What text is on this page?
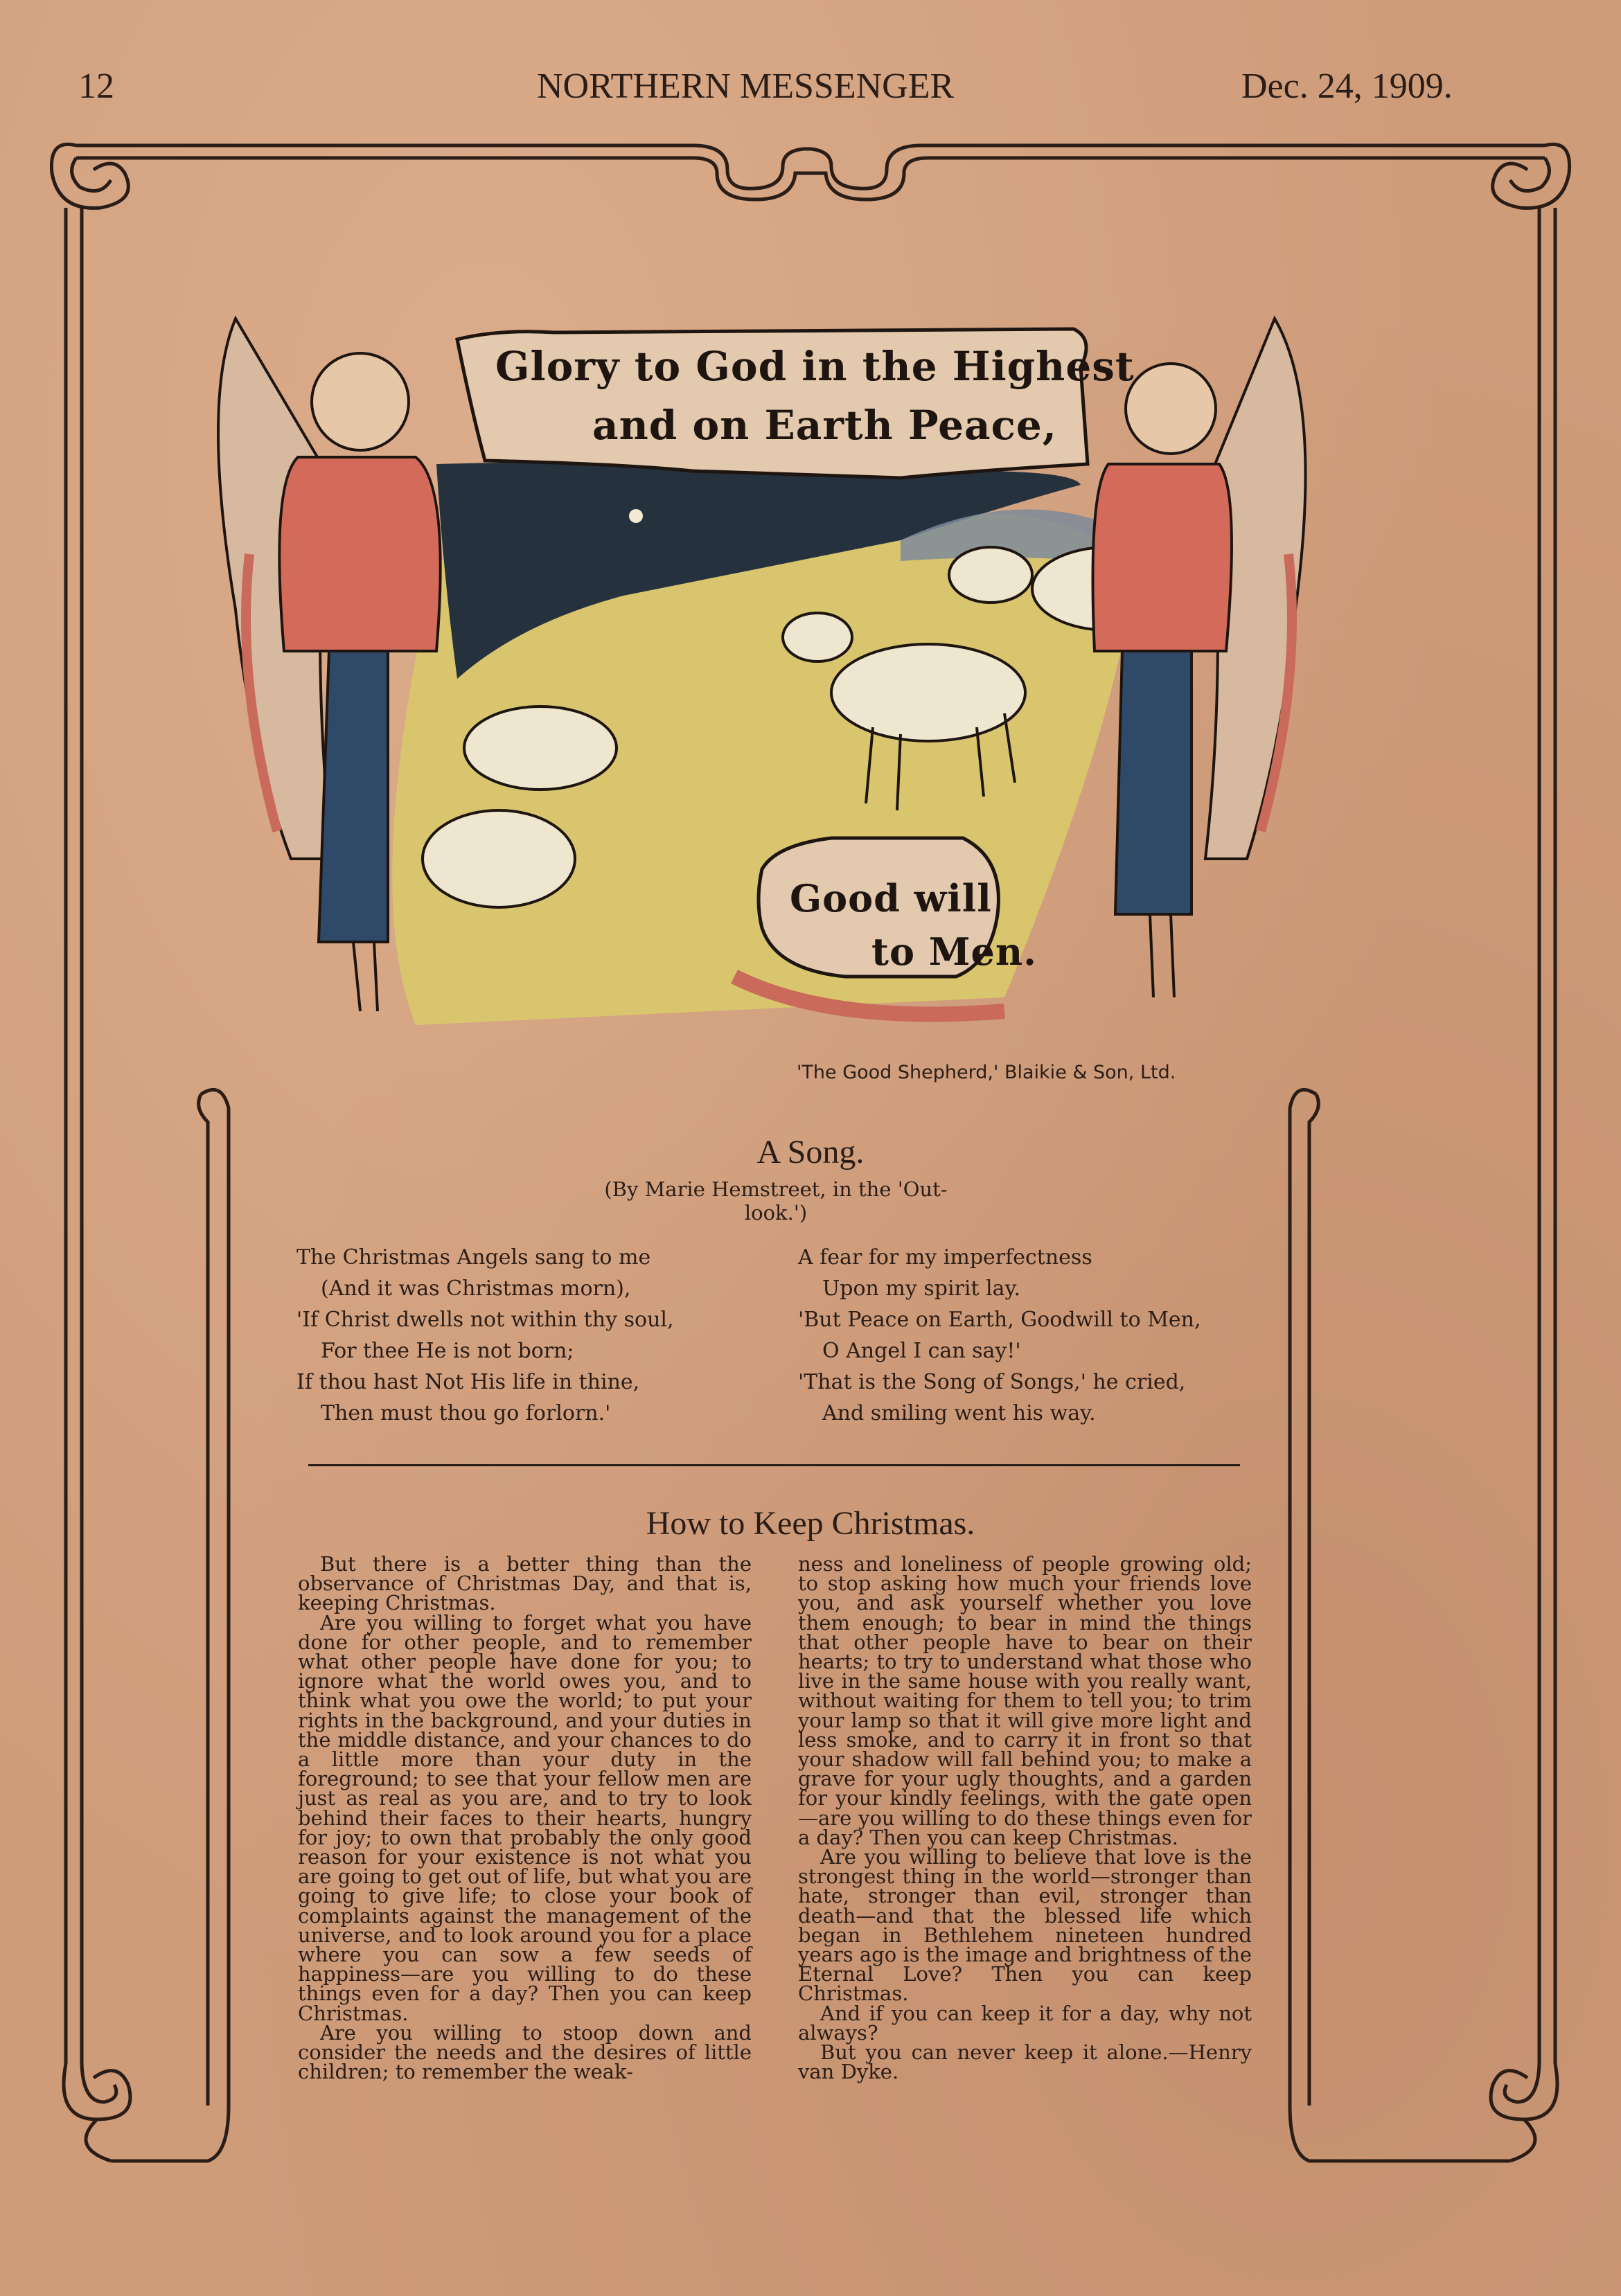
12	NORTHERN MESSENGER	Dec. 24, 1909.
Glory to God in the Highest
and on Earth Peace,
Good will
to Men.
'The Good Shepherd,' Blaikie & Son, Ltd.
A Song.
(By Marie Hemstreet, in the 'Out-
look.')
The Christmas Angels sang to me
(And it was Christmas morn),
'If Christ dwells not within thy soul,
For thee He is not born;
If thou hast Not His life in thine,
Then must thou go forlorn.'
A fear for my imperfectness
Upon my spirit lay.
'But Peace on Earth, Goodwill to Men,
O Angel I can say!'
'That is the Song of Songs,' he cried,
And smiling went his way.
How to Keep Christmas.

But there is a better thing than the observance of Christmas Day, and that is, keeping Christmas.

Are you willing to forget what you have done for other people, and to remember what other people have done for you; to ignore what the world owes you, and to think what you owe the world; to put your rights in the background, and your duties in the middle distance, and your chances to do a little more than your duty in the foreground; to see that your fellow men are just as real as you are, and to try to look behind their faces to their hearts, hungry for joy; to own that probably the only good reason for your existence is not what you are going to get out of life, but what you are going to give life; to close your book of complaints against the management of the universe, and to look around you for a place where you can sow a few seeds of happiness—are you willing to do these things even for a day? Then you can keep Christmas.

Are you willing to stoop down and consider the needs and the desires of little children; to remember the weak-

ness and loneliness of people growing old; to stop asking how much your friends love you, and ask yourself whether you love them enough; to bear in mind the things that other people have to bear on their hearts; to try to understand what those who live in the same house with you really want, without waiting for them to tell you; to trim your lamp so that it will give more light and less smoke, and to carry it in front so that your shadow will fall behind you; to make a grave for your ugly thoughts, and a garden for your kindly feelings, with the gate open—are you willing to do these things even for a day? Then you can keep Christmas.

Are you willing to believe that love is the strongest thing in the world—stronger than hate, stronger than evil, stronger than death—and that the blessed life which began in Bethlehem nineteen hundred years ago is the image and brightness of the Eternal Love? Then you can keep Christmas.

And if you can keep it for a day, why not always?

But you can never keep it alone.—Henry van Dyke.
